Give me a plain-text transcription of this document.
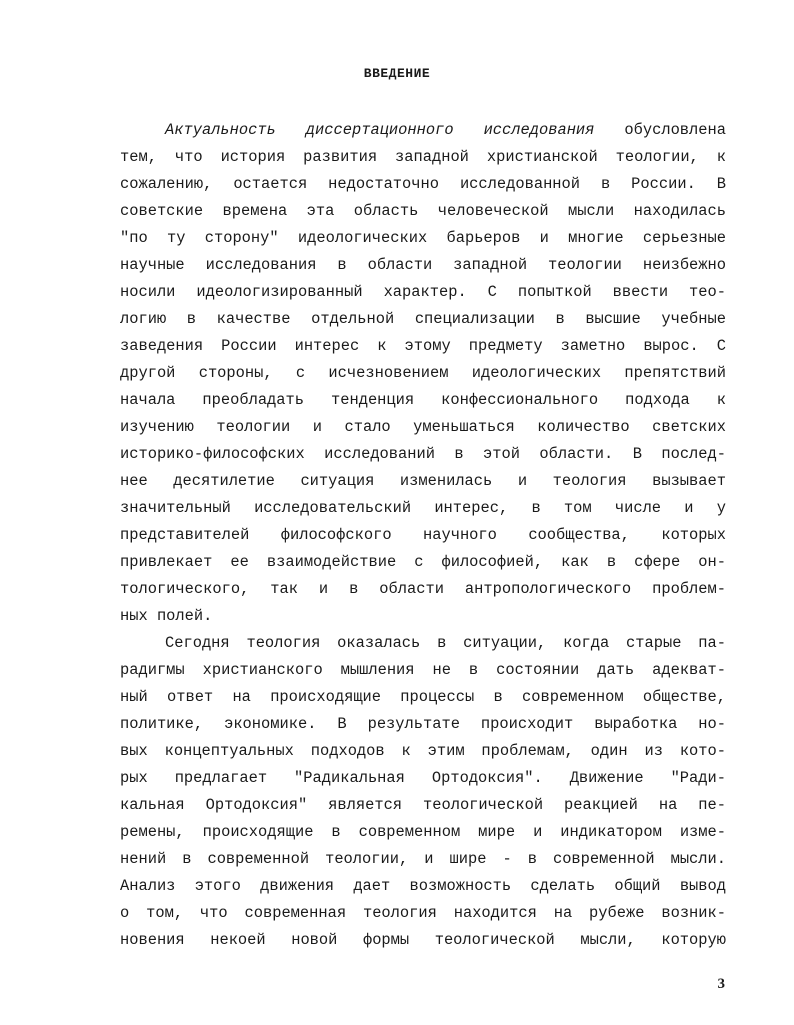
ВВЕДЕНИЕ

Актуальность диссертационного исследования обусловлена

тем, что история развития западной христианской теологии, к

сожалению, остается недостаточно исследованной в России. В

советские времена эта область человеческой мысли находилась

"по ту сторону" идеологических барьеров и многие серьезные

научные исследования в области западной теологии неизбежно

носили идеологизированный характер. С попыткой ввести тео-

логию в качестве отдельной специализации в высшие учебные

заведения России интерес к этому предмету заметно вырос. С

другой стороны, с исчезновением идеологических препятствий

начала преобладать тенденция конфессионального подхода к

изучению теологии и стало уменьшаться количество светских

историко-философских исследований в этой области. В послед-

нее десятилетие ситуация изменилась и теология вызывает

значительный исследовательский интерес, в том числе и у

представителей философского научного сообщества, которых

привлекает ее взаимодействие с философией, как в сфере он-

тологического, так и в области антропологического проблем-

ных полей.

Сегодня теология оказалась в ситуации, когда старые па-

радигмы христианского мышления не в состоянии дать адекват-

ный ответ на происходящие процессы в современном обществе,

политике, экономике. В результате происходит выработка но-

вых концептуальных подходов к этим проблемам, один из кото-

рых предлагает "Радикальная Ортодоксия". Движение "Ради-

кальная Ортодоксия" является теологической реакцией на пе-

ремены, происходящие в современном мире и индикатором изме-

нений в современной теологии, и шире - в современной мысли.

Анализ этого движения дает возможность сделать общий вывод

о том, что современная теология находится на рубеже возник-

новения некоей новой формы теологической мысли, которую

3
